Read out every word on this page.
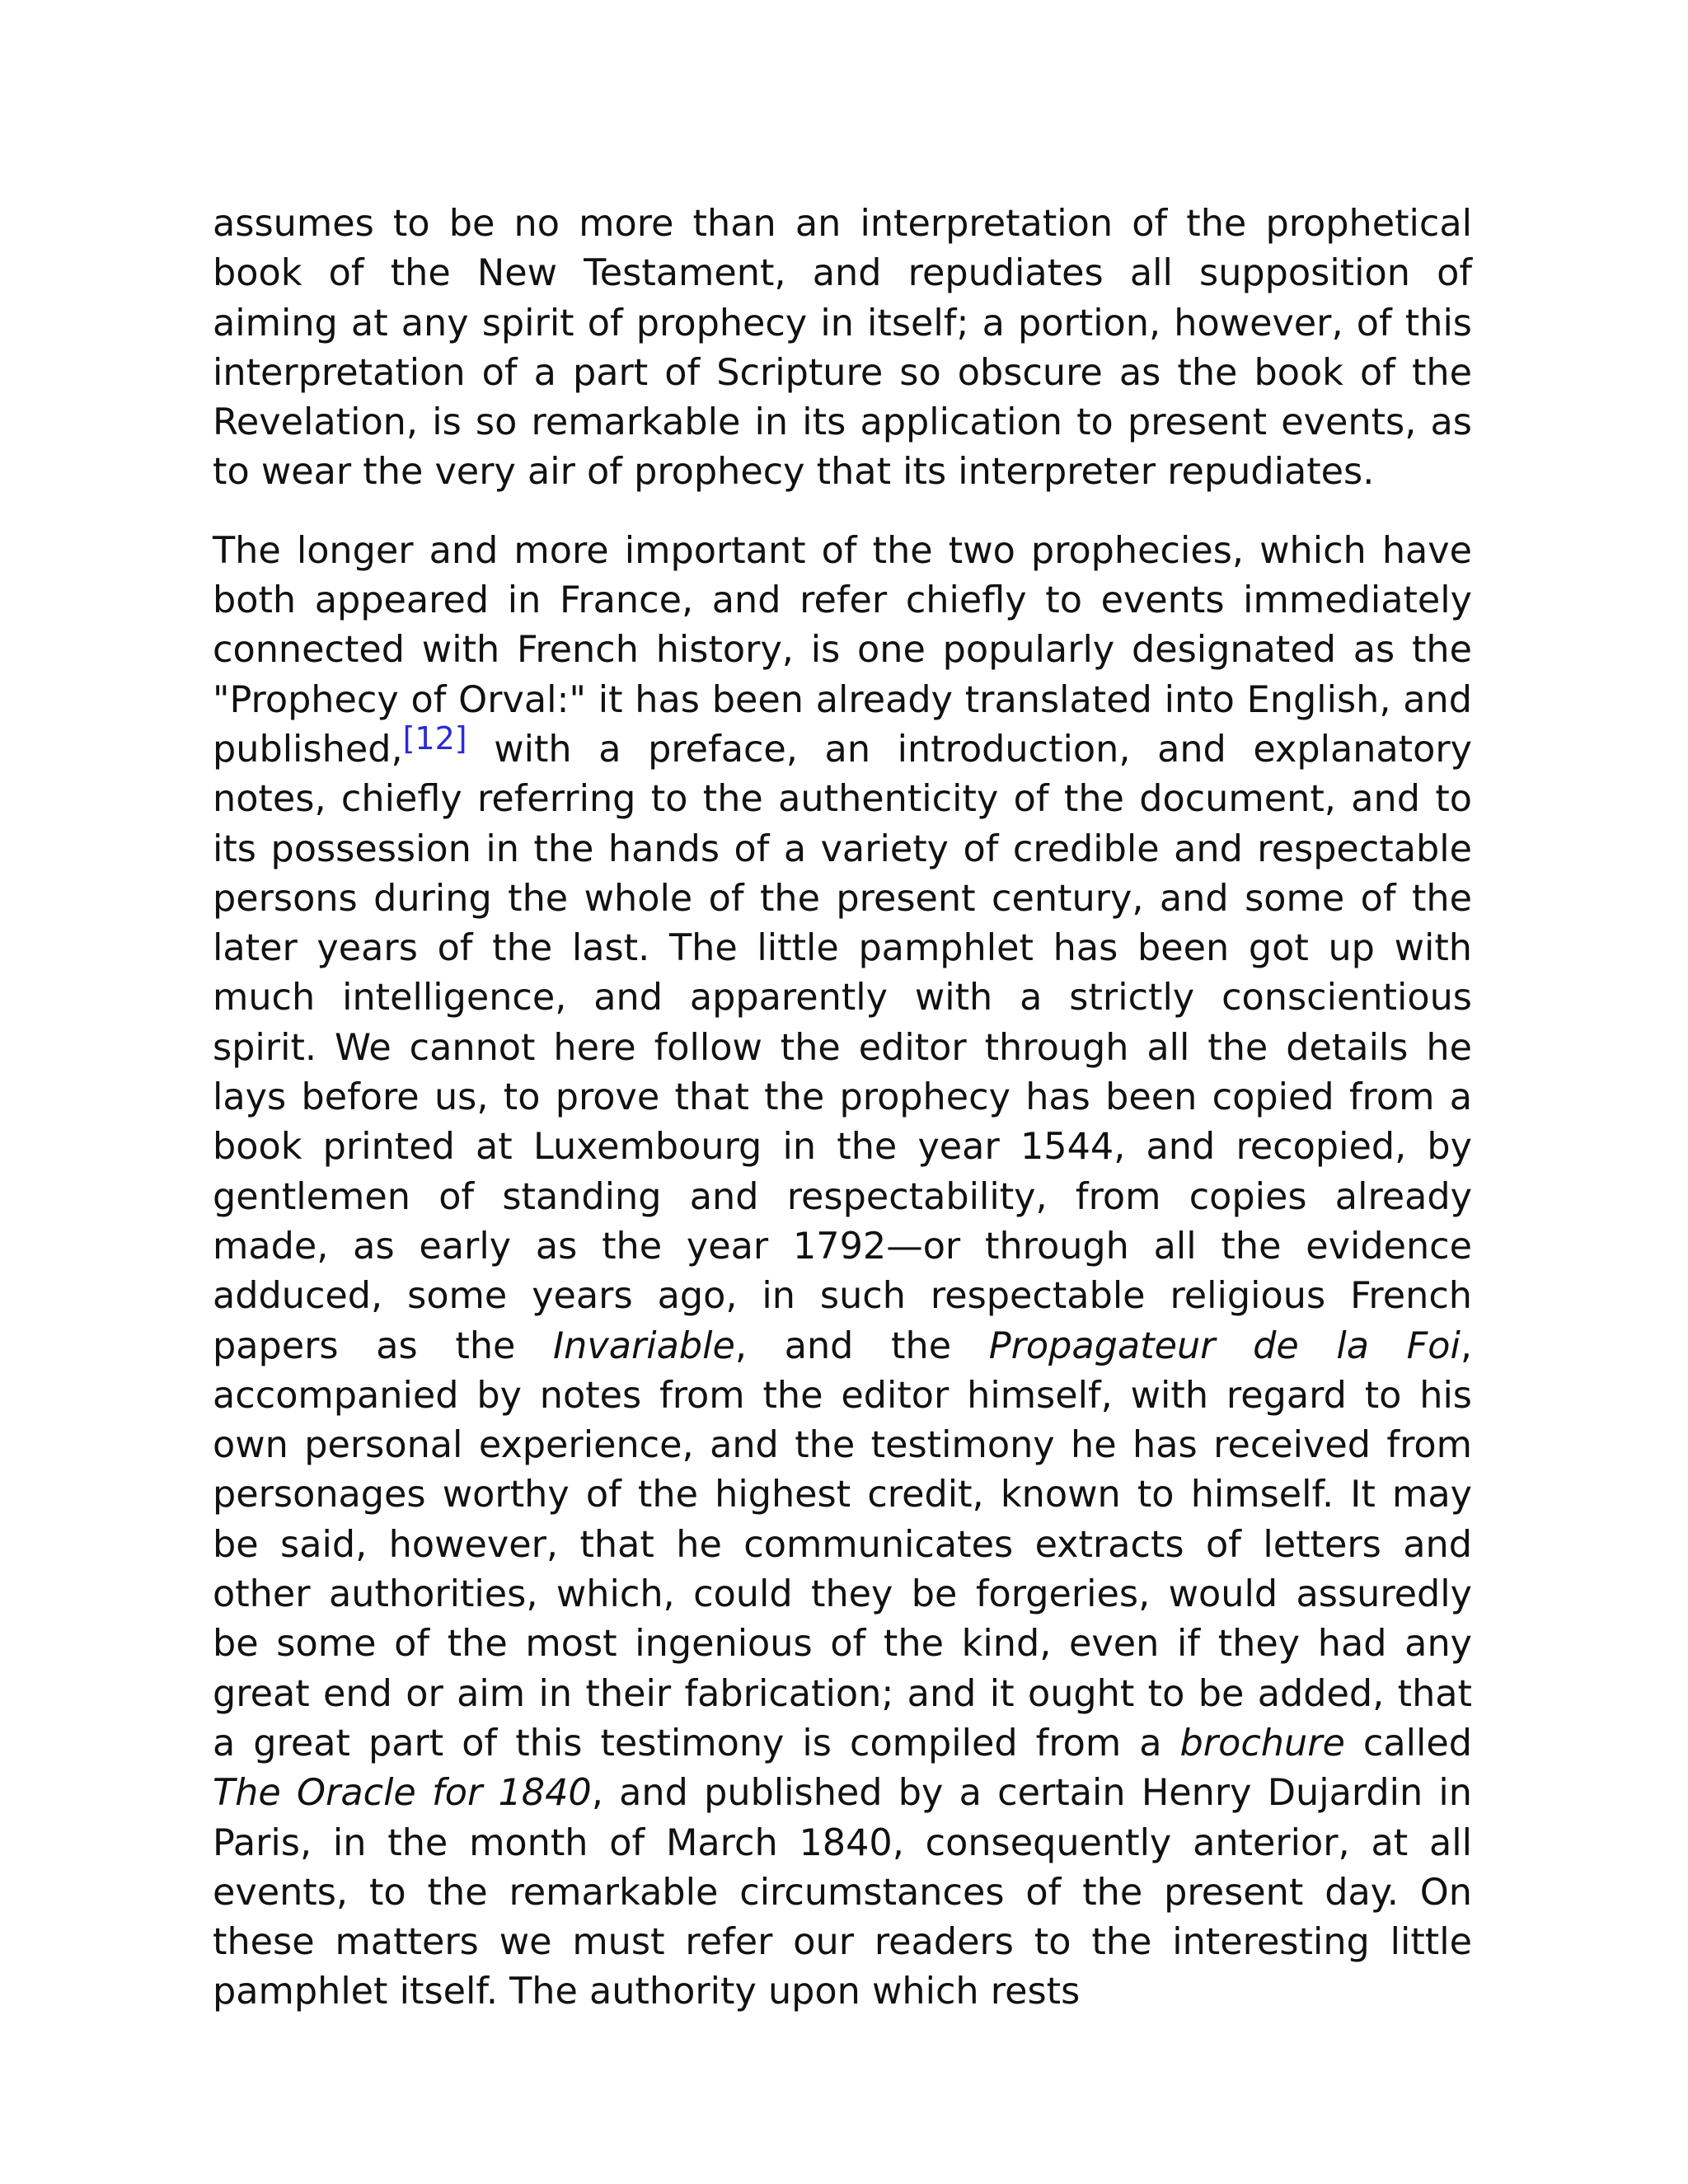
assumes to be no more than an interpretation of the prophetical book of the New Testament, and repudiates all supposition of aiming at any spirit of prophecy in itself; a portion, however, of this interpretation of a part of Scripture so obscure as the book of the Revelation, is so remarkable in its application to present events, as to wear the very air of prophecy that its interpreter repudiates.

The longer and more important of the two prophecies, which have both appeared in France, and refer chiefly to events immediately connected with French history, is one popularly designated as the "Prophecy of Orval:" it has been already translated into English, and published,[12] with a preface, an introduction, and explanatory notes, chiefly referring to the authenticity of the document, and to its possession in the hands of a variety of credible and respectable persons during the whole of the present century, and some of the later years of the last. The little pamphlet has been got up with much intelligence, and apparently with a strictly conscientious spirit. We cannot here follow the editor through all the details he lays before us, to prove that the prophecy has been copied from a book printed at Luxembourg in the year 1544, and recopied, by gentlemen of standing and respectability, from copies already made, as early as the year 1792—or through all the evidence adduced, some years ago, in such respectable religious French papers as the Invariable, and the Propagateur de la Foi, accompanied by notes from the editor himself, with regard to his own personal experience, and the testimony he has received from personages worthy of the highest credit, known to himself. It may be said, however, that he communicates extracts of letters and other authorities, which, could they be forgeries, would assuredly be some of the most ingenious of the kind, even if they had any great end or aim in their fabrication; and it ought to be added, that a great part of this testimony is compiled from a brochure called The Oracle for 1840, and published by a certain Henry Dujardin in Paris, in the month of March 1840, consequently anterior, at all events, to the remarkable circumstances of the present day. On these matters we must refer our readers to the interesting little pamphlet itself. The authority upon which rests
